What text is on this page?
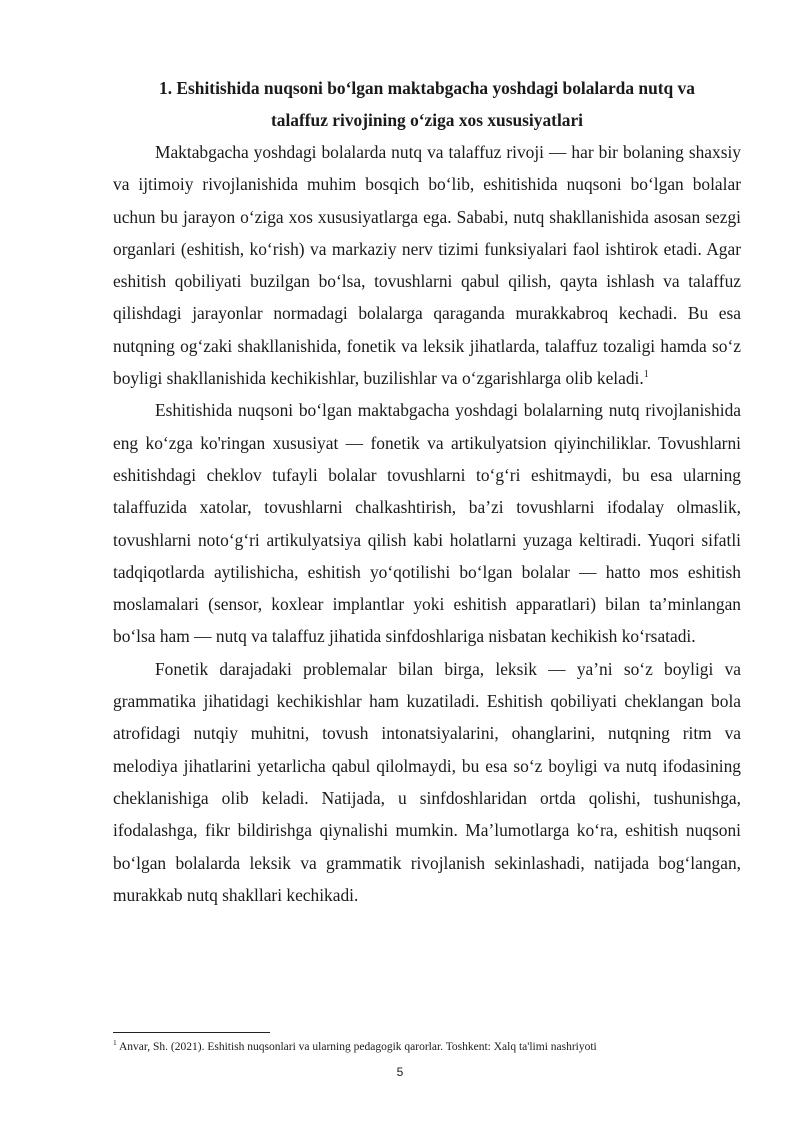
1. Eshitishida nuqsoni bo‘lgan maktabgacha yoshdagi bolalarda nutq va
talaffuz rivojining o‘ziga xos xususiyatlari

Maktabgacha yoshdagi bolalarda nutq va talaffuz rivoji — har bir bolaning shaxsiy va ijtimoiy rivojlanishida muhim bosqich bo‘lib, eshitishida nuqsoni bo‘lgan bolalar uchun bu jarayon o‘ziga xos xususiyatlarga ega. Sababi, nutq shakllanishida asosan sezgi organlari (eshitish, ko‘rish) va markaziy nerv tizimi funksiyalari faol ishtirok etadi. Agar eshitish qobiliyati buzilgan bo‘lsa, tovushlarni qabul qilish, qayta ishlash va talaffuz qilishdagi jarayonlar normadagi bolalarga qaraganda murakkabroq kechadi. Bu esa nutqning og‘zaki shakllanishida, fonetik va leksik jihatlarda, talaffuz tozaligi hamda so‘z boyligi shakllanishida kechikishlar, buzilishlar va o‘zgarishlarga olib keladi.$^1$

Eshitishida nuqsoni bo‘lgan maktabgacha yoshdagi bolalarning nutq rivojlanishida eng ko‘zga ko'ringan xususiyat — fonetik va artikulyatsion qiyinchiliklar. Tovushlarni eshitishdagi cheklov tufayli bolalar tovushlarni to‘g‘ri eshitmaydi, bu esa ularning talaffuzida xatolar, tovushlarni chalkashtirish, ba’zi tovushlarni ifodalay olmaslik, tovushlarni noto‘g‘ri artikulyatsiya qilish kabi holatlarni yuzaga keltiradi. Yuqori sifatli tadqiqotlarda aytilishicha, eshitish yo‘qotilishi bo‘lgan bolalar — hatto mos eshitish moslamalari (sensor, koxlear implantlar yoki eshitish apparatlari) bilan ta’minlangan bo‘lsa ham — nutq va talaffuz jihatida sinfdoshlariga nisbatan kechikish ko‘rsatadi.

Fonetik darajadaki problemalar bilan birga, leksik — ya’ni so‘z boyligi va grammatika jihatidagi kechikishlar ham kuzatiladi. Eshitish qobiliyati cheklangan bola atrofidagi nutqiy muhitni, tovush intonatsiyalarini, ohanglarini, nutqning ritm va melodiya jihatlarini yetarlicha qabul qilolmaydi, bu esa so‘z boyligi va nutq ifodasining cheklanishiga olib keladi. Natijada, u sinfdoshlaridan ortda qolishi, tushunishga, ifodalashga, fikr bildirishga qiynalishi mumkin. Ma’lumotlarga ko‘ra, eshitish nuqsoni bo‘lgan bolalarda leksik va grammatik rivojlanish sekinlashadi, natijada bog‘langan, murakkab nutq shakllari kechikadi.

$^1$ Anvar, Sh. (2021). Eshitish nuqsonlari va ularning pedagogik qarorlar. Toshkent: Xalq ta'limi nashriyoti
5
